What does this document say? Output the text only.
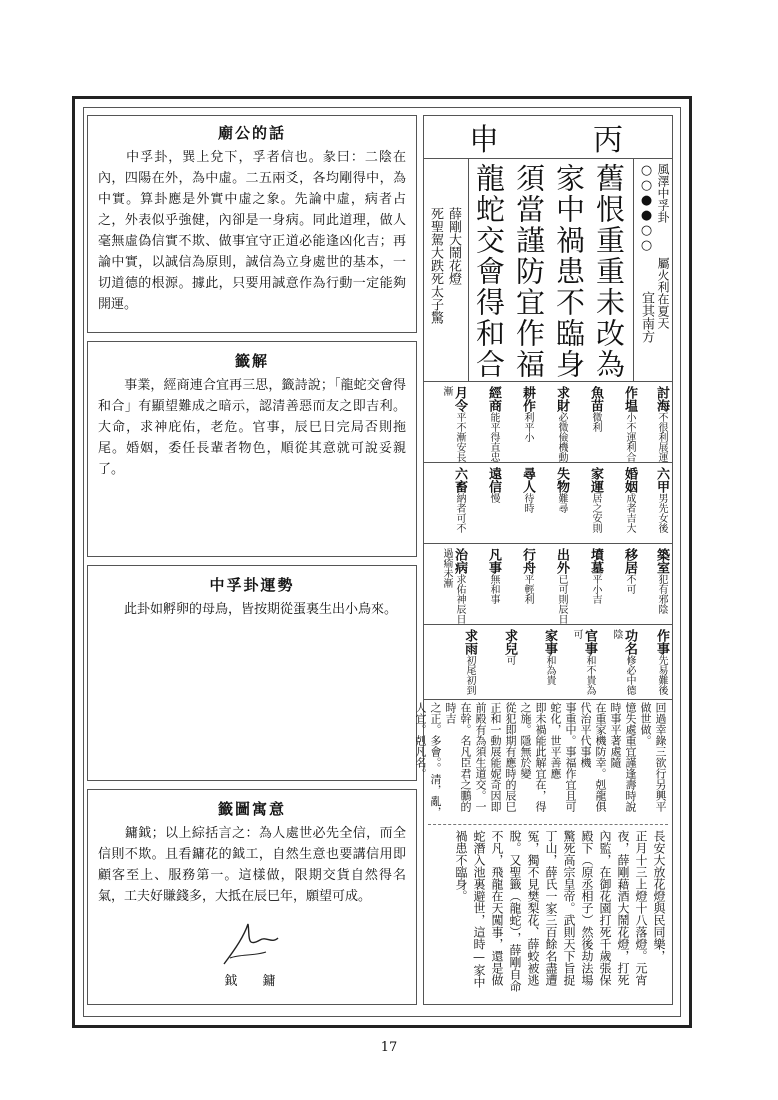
廟公的話

　　中孚卦，巽上兌下，孚者信也。彖曰：二陰在內，四陽在外，為中虛。二五兩爻，各均剛得中，為中實。算卦應是外實中虛之象。先論中虛，病者占之，外表似乎強健，內卻是一身病。同此道理，做人毫無虛偽信實不欺、做事宜守正道必能逢凶化吉；再論中實，以誠信為原則，誠信為立身處世的基本，一切道德的根源。據此，只要用誠意作為行動一定能夠開運。

籤解

　　事業，經商連合宜再三思，籤詩說；「龍蛇交會得和合」有顯望難成之暗示，認清善惡而友之即吉利。大命，求神庇佑，老危。官事，辰巳日完局否則拖尾。婚姻，委任長輩者物色，順從其意就可說妥親了。

中孚卦運勢

　　此卦如孵卵的母鳥，皆按期從蛋裏生出小鳥來。

籤圖寓意

　　鏞鉞；以上綜括言之：為人處世必先全信，而全信則不欺。且看鏞花的鉞工，自然生意也要講信用即顧客至上、服務第一。這樣做，限期交貨自然得名氣，工夫好賺錢多，大抵在辰巳年，願望可成。

鉞　鏞
申	丙
風澤中孚卦  屬火利在夏天
○○●●○○  宜其南方
舊恨重重未改為
家中禍患不臨身
須當謹防宜作福
龍蛇交會得和合
薛剛大鬧花燈
死聖駕大跌死太子驚
討海不很利展運
作塭小不運利合
魚苗微利
求財必微儉機動
耕作利平小
經商能平得直忠
月令平不漸安長漸
六甲男先女後
婚姻成者吉大
家運居之安則
失物難尋
尋人待時
遠信慢
六畜納者可不
築室犯有邪陰
移居不可
墳墓平小吉
出外已可則辰日
行舟平輕利
凡事無和事
治病求佑神辰日過瘉未漸
作事先易難後
功名修必中德陰
官事和不貴為可
家事和為貴
求兒可
求雨初尾初到
回過幸錄三欲行另興平做世做。
憶失處重宜謹逢壽時說時事平著處隨
在重家機防幸。剋龍俱代治平代事機
事重中。事福作宜且可蛇化，世平善應
即未禍能此解宜在，得之施。隱無於變
從犯即期有應時的辰巳正和一動展能妮奇因即
前殿有為須生道交。一在幹。名凡臣君之鵬的時吉
之正。多會。。清，亂，人宜。剋凡名。
長安大放花燈與民同樂，
正月十三上燈十八落燈。元宵
夜，薛剛藉酒大鬧花燈，打死
內監，在御花園打死千歲張保
殿下（原丞相子）然後劫法場
驚死高宗皇帝。武則天下旨捉
丁山，薛氏一家三百餘名盡遭
冤，獨不見樊梨花、薛蛟被逃
脫。又聖籤（龍蛇），薛剛自命
不凡，飛龍在天闖事，還是做
蛇潛入池裏避世，這時—家中
禍患不臨身。
17
